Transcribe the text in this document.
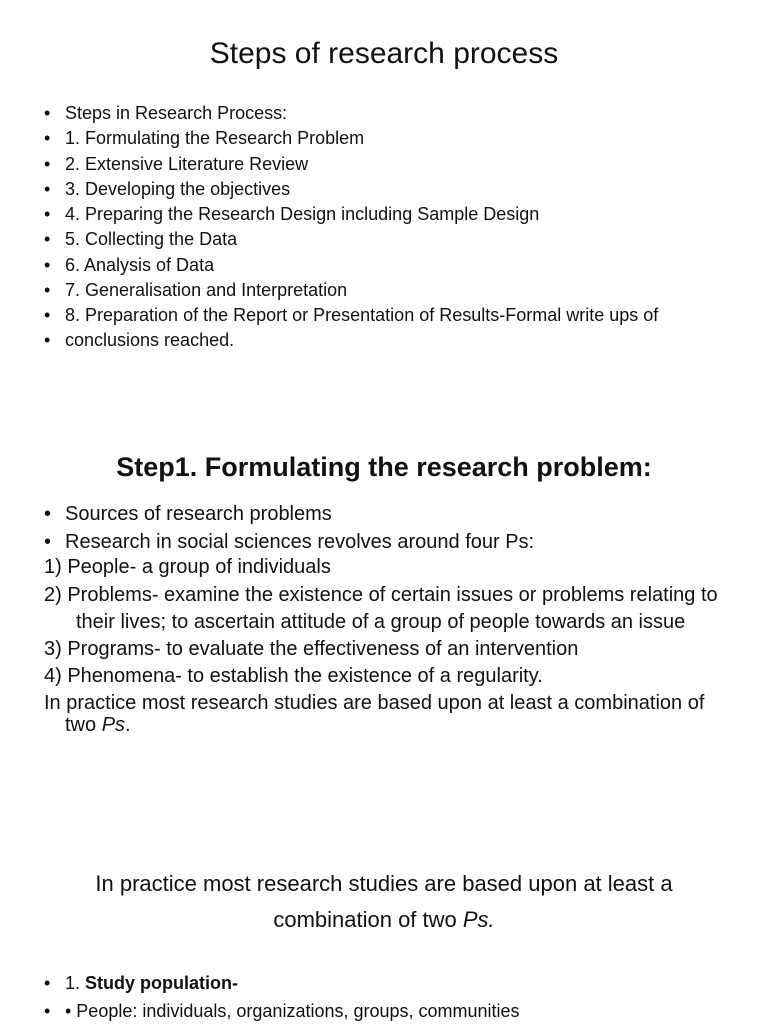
Steps of research process
• Steps in Research Process:
• 1. Formulating the Research Problem
• 2. Extensive Literature Review
• 3. Developing the objectives
• 4. Preparing the Research Design including Sample Design
• 5. Collecting the Data
• 6. Analysis of Data
• 7. Generalisation and Interpretation
• 8. Preparation of the Report or Presentation of Results-Formal write ups of
• conclusions reached.
Step1. Formulating the research problem:
• Sources of research problems
• Research in social sciences revolves around four Ps:
1) People- a group of individuals
2) Problems- examine the existence of certain issues or problems relating to
their lives; to ascertain attitude of a group of people towards an issue
3) Programs- to evaluate the effectiveness of an intervention
4) Phenomena- to establish the existence of a regularity.
In practice most research studies are based upon at least a combination of two Ps.
In practice most research studies are based upon at least a
combination of two Ps.
• 1. Study population-
• • People: individuals, organizations, groups, communities
